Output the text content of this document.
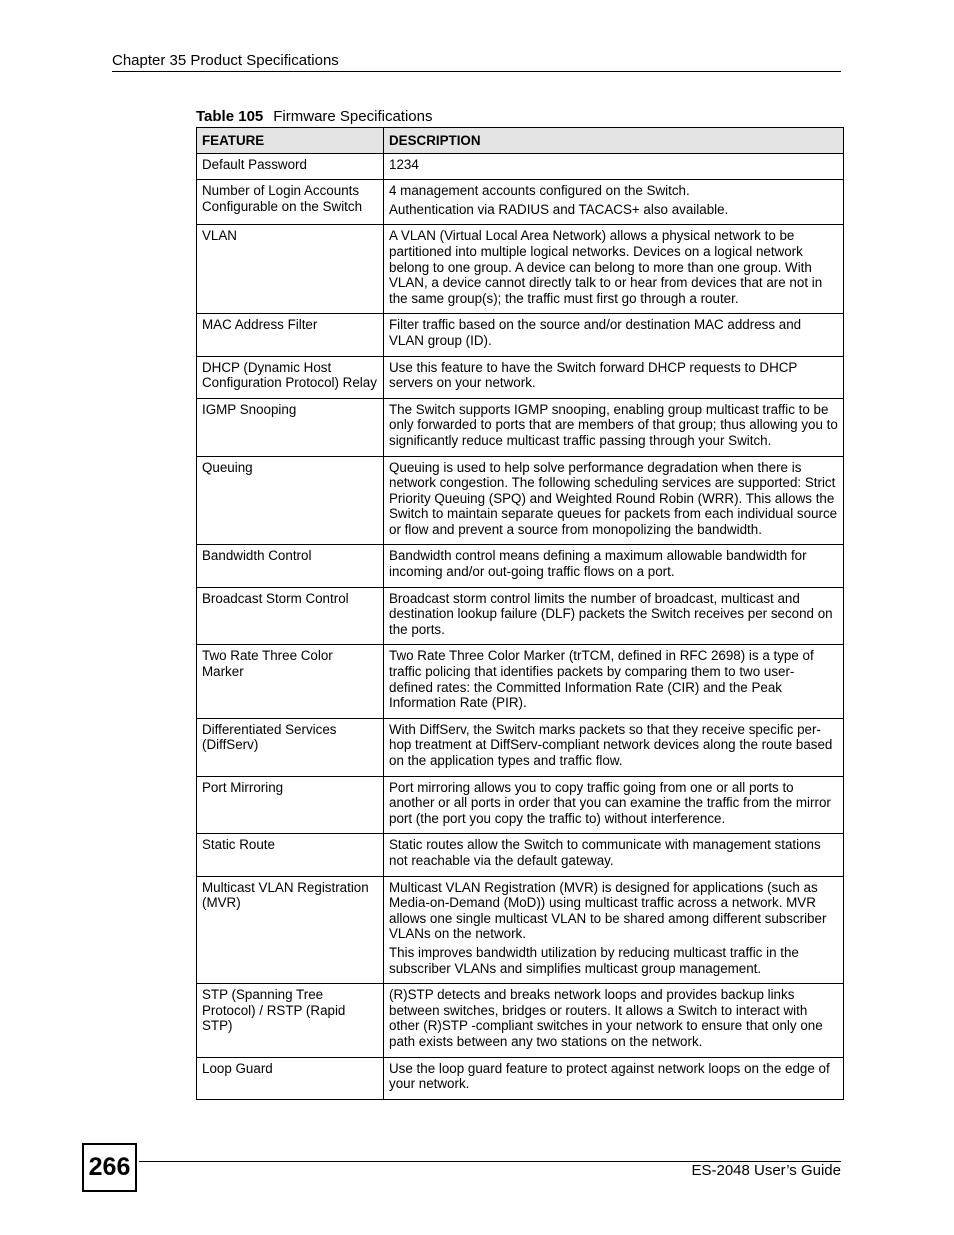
Chapter 35 Product Specifications
Table 105 Firmware Specifications
FEATURE	DESCRIPTION
Default Password	1234

Number of Login Accounts Configurable on the Switch	4 management accounts configured on the Switch.
Authentication via RADIUS and TACACS+ also available.

VLAN	A VLAN (Virtual Local Area Network) allows a physical network to be partitioned into multiple logical networks. Devices on a logical network belong to one group. A device can belong to more than one group. With VLAN, a device cannot directly talk to or hear from devices that are not in the same group(s); the traffic must first go through a router.

MAC Address Filter	Filter traffic based on the source and/or destination MAC address and VLAN group (ID).

DHCP (Dynamic Host Configuration Protocol) Relay	Use this feature to have the Switch forward DHCP requests to DHCP servers on your network.

IGMP Snooping	The Switch supports IGMP snooping, enabling group multicast traffic to be only forwarded to ports that are members of that group; thus allowing you to significantly reduce multicast traffic passing through your Switch.

Queuing	Queuing is used to help solve performance degradation when there is network congestion. The following scheduling services are supported: Strict Priority Queuing (SPQ) and Weighted Round Robin (WRR). This allows the Switch to maintain separate queues for packets from each individual source or flow and prevent a source from monopolizing the bandwidth.

Bandwidth Control	Bandwidth control means defining a maximum allowable bandwidth for incoming and/or out-going traffic flows on a port.

Broadcast Storm Control	Broadcast storm control limits the number of broadcast, multicast and destination lookup failure (DLF) packets the Switch receives per second on the ports.

Two Rate Three Color Marker	Two Rate Three Color Marker (trTCM, defined in RFC 2698) is a type of traffic policing that identifies packets by comparing them to two user-defined rates: the Committed Information Rate (CIR) and the Peak Information Rate (PIR).

Differentiated Services (DiffServ)	With DiffServ, the Switch marks packets so that they receive specific per-hop treatment at DiffServ-compliant network devices along the route based on the application types and traffic flow.

Port Mirroring	Port mirroring allows you to copy traffic going from one or all ports to another or all ports in order that you can examine the traffic from the mirror port (the port you copy the traffic to) without interference.

Static Route	Static routes allow the Switch to communicate with management stations not reachable via the default gateway.

Multicast VLAN Registration (MVR)	Multicast VLAN Registration (MVR) is designed for applications (such as Media-on-Demand (MoD)) using multicast traffic across a network. MVR allows one single multicast VLAN to be shared among different subscriber VLANs on the network.
This improves bandwidth utilization by reducing multicast traffic in the subscriber VLANs and simplifies multicast group management.

STP (Spanning Tree Protocol) / RSTP (Rapid STP)	(R)STP detects and breaks network loops and provides backup links between switches, bridges or routers. It allows a Switch to interact with other (R)STP -compliant switches in your network to ensure that only one path exists between any two stations on the network.

Loop Guard	Use the loop guard feature to protect against network loops on the edge of your network.
266	ES-2048 User’s Guide
